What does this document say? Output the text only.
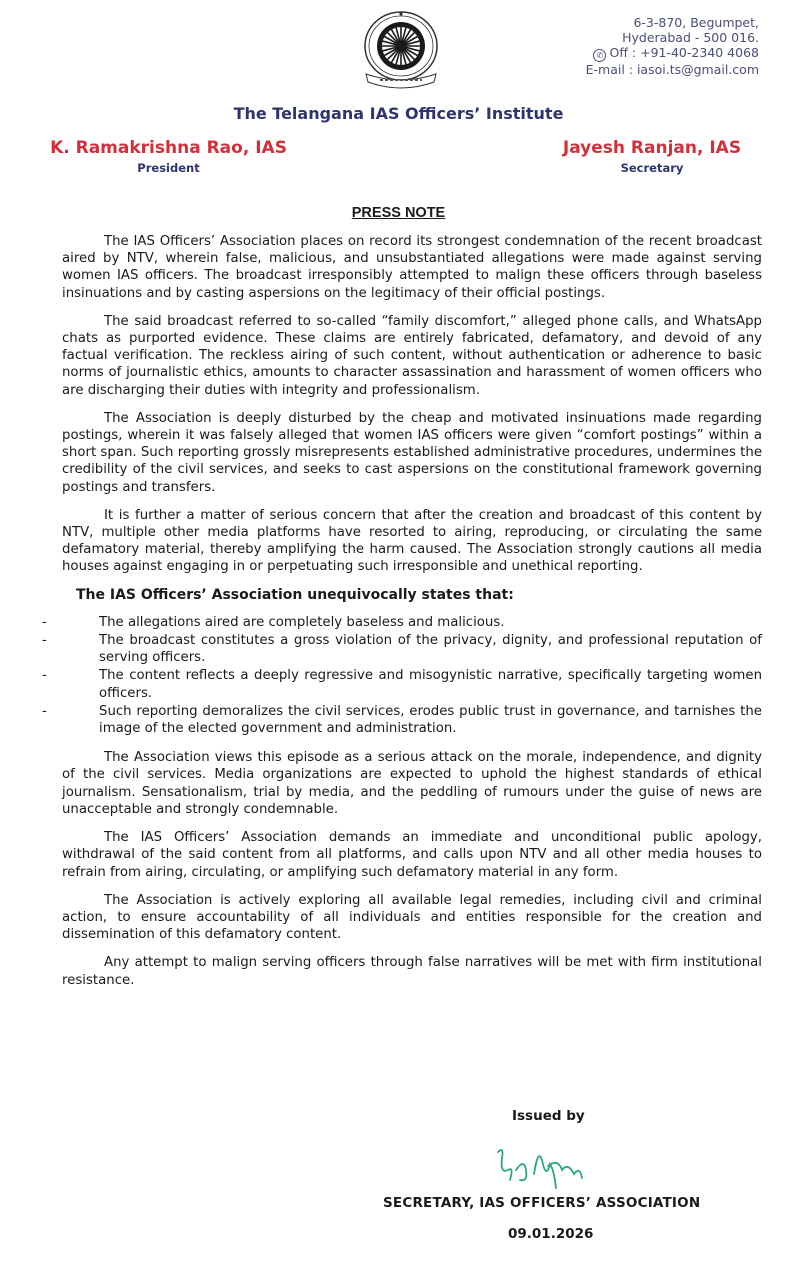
6-3-870, Begumpet,
Hyderabad - 500 016.
✆ Off : +91-40-2340 4068
E-mail : iasoi.ts@gmail.com
The Telangana IAS Officers’ Institute
K. Ramakrishna Rao, IAS
President
Jayesh Ranjan, IAS
Secretary
PRESS NOTE

The IAS Officers’ Association places on record its strongest condemnation of the recent broadcast aired by NTV, wherein false, malicious, and unsubstantiated allegations were made against serving women IAS officers. The broadcast irresponsibly attempted to malign these officers through baseless insinuations and by casting aspersions on the legitimacy of their official postings.

The said broadcast referred to so-called “family discomfort,” alleged phone calls, and WhatsApp chats as purported evidence. These claims are entirely fabricated, defamatory, and devoid of any factual verification. The reckless airing of such content, without authentication or adherence to basic norms of journalistic ethics, amounts to character assassination and harassment of women officers who are discharging their duties with integrity and professionalism.

The Association is deeply disturbed by the cheap and motivated insinuations made regarding postings, wherein it was falsely alleged that women IAS officers were given “comfort postings” within a short span. Such reporting grossly misrepresents established administrative procedures, undermines the credibility of the civil services, and seeks to cast aspersions on the constitutional framework governing postings and transfers.

It is further a matter of serious concern that after the creation and broadcast of this content by NTV, multiple other media platforms have resorted to airing, reproducing, or circulating the same defamatory material, thereby amplifying the harm caused. The Association strongly cautions all media houses against engaging in or perpetuating such irresponsible and unethical reporting.

The IAS Officers’ Association unequivocally states that:
-	The allegations aired are completely baseless and malicious.
-	The broadcast constitutes a gross violation of the privacy, dignity, and professional reputation of serving officers.
-	The content reflects a deeply regressive and misogynistic narrative, specifically targeting women officers.
-	Such reporting demoralizes the civil services, erodes public trust in governance, and tarnishes the image of the elected government and administration.

The Association views this episode as a serious attack on the morale, independence, and dignity of the civil services. Media organizations are expected to uphold the highest standards of ethical journalism. Sensationalism, trial by media, and the peddling of rumours under the guise of news are unacceptable and strongly condemnable.

The IAS Officers’ Association demands an immediate and unconditional public apology, withdrawal of the said content from all platforms, and calls upon NTV and all other media houses to refrain from airing, circulating, or amplifying such defamatory material in any form.

The Association is actively exploring all available legal remedies, including civil and criminal action, to ensure accountability of all individuals and entities responsible for the creation and dissemination of this defamatory content.

Any attempt to malign serving officers through false narratives will be met with firm institutional resistance.

Issued by
SECRETARY, IAS OFFICERS’ ASSOCIATION
09.01.2026
